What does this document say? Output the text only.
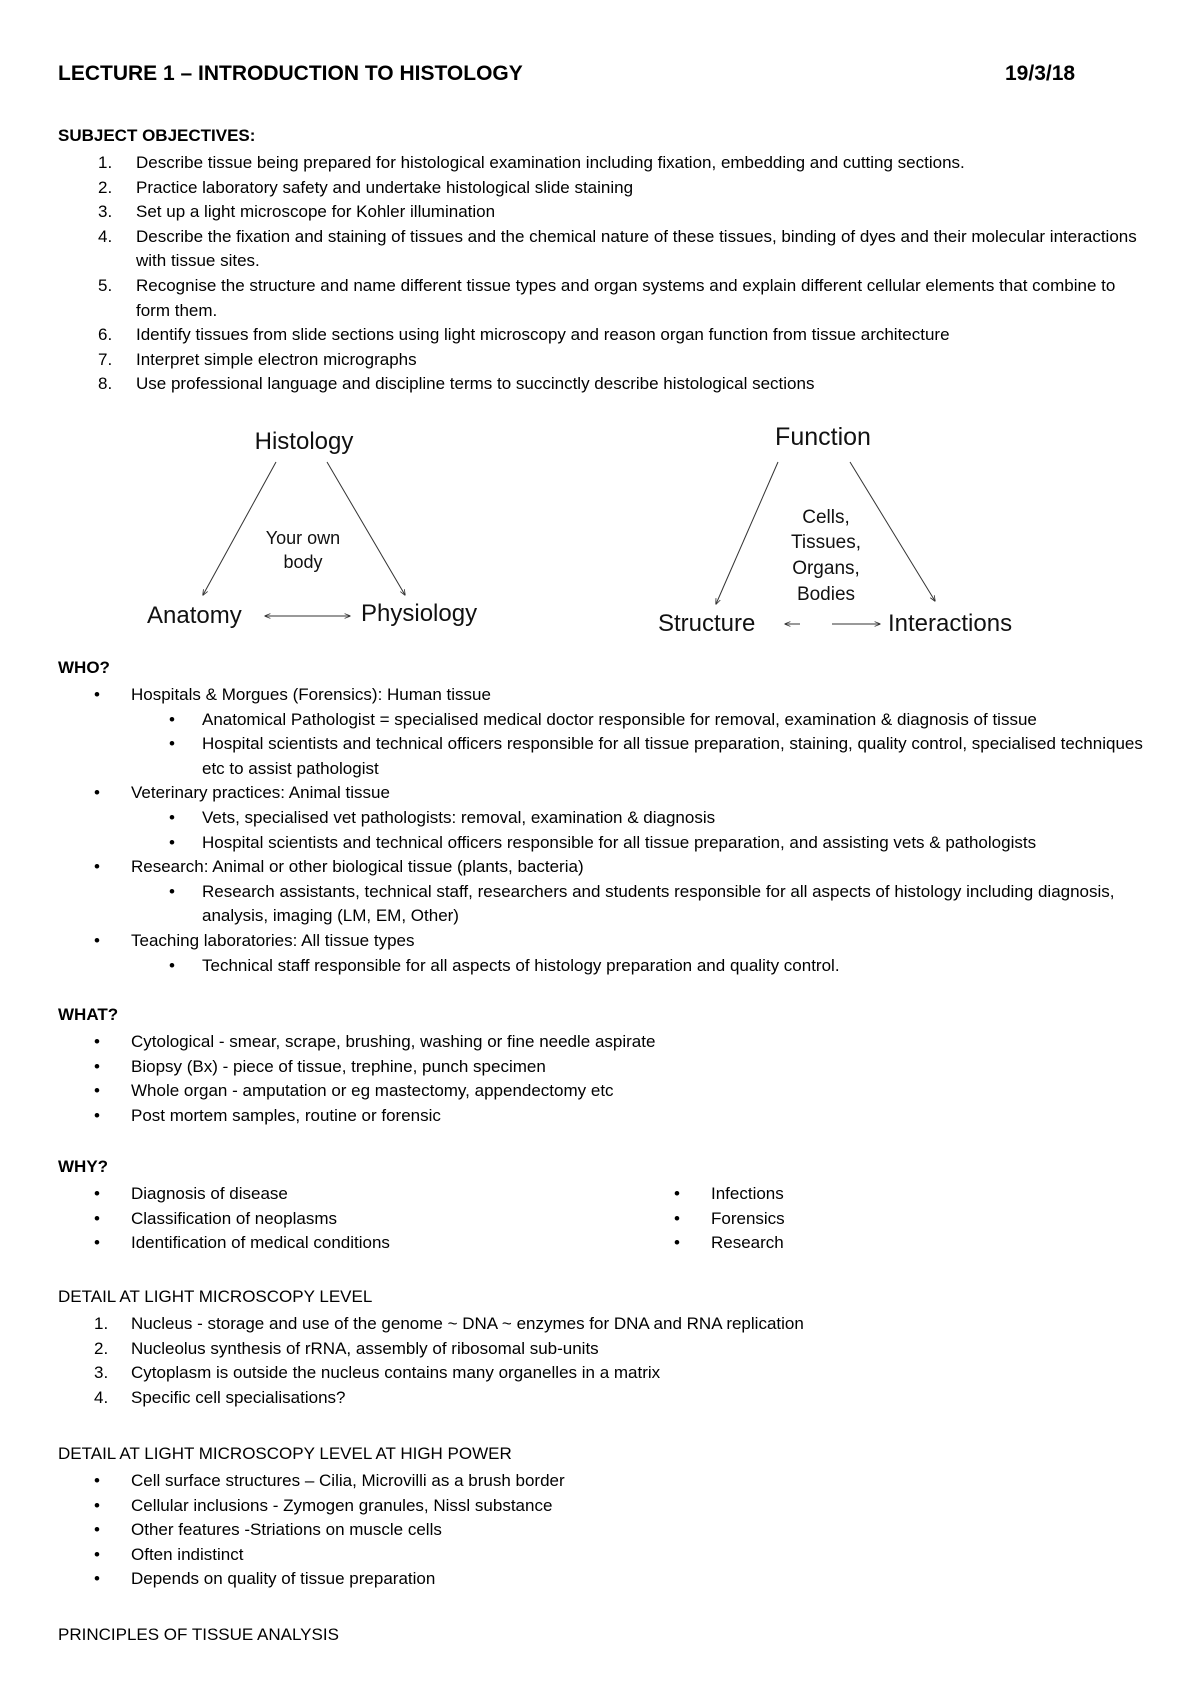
LECTURE 1 – INTRODUCTION TO HISTOLOGY	19/3/18
SUBJECT OBJECTIVES:
1. Describe tissue being prepared for histological examination including fixation, embedding and cutting sections.
2. Practice laboratory safety and undertake histological slide staining
3. Set up a light microscope for Kohler illumination
4. Describe the fixation and staining of tissues and the chemical nature of these tissues, binding of dyes and their molecular interactions with tissue sites.
5. Recognise the structure and name different tissue types and organ systems and explain different cellular elements that combine to form them.
6. Identify tissues from slide sections using light microscopy and reason organ function from tissue architecture
7. Interpret simple electron micrographs
8. Use professional language and discipline terms to succinctly describe histological sections
Histology
Your own
body
Anatomy	Physiology
Function
Cells,
Tissues,
Organs,
Bodies
Structure	Interactions
WHO?
• Hospitals & Morgues (Forensics): Human tissue
• Anatomical Pathologist = specialised medical doctor responsible for removal, examination & diagnosis of tissue
• Hospital scientists and technical officers responsible for all tissue preparation, staining, quality control, specialised techniques etc to assist pathologist
• Veterinary practices: Animal tissue
• Vets, specialised vet pathologists: removal, examination & diagnosis
• Hospital scientists and technical officers responsible for all tissue preparation, and assisting vets & pathologists
• Research: Animal or other biological tissue (plants, bacteria)
• Research assistants, technical staff, researchers and students responsible for all aspects of histology including diagnosis, analysis, imaging (LM, EM, Other)
• Teaching laboratories: All tissue types
• Technical staff responsible for all aspects of histology preparation and quality control.
WHAT?
• Cytological - smear, scrape, brushing, washing or fine needle aspirate
• Biopsy (Bx) - piece of tissue, trephine, punch specimen
• Whole organ - amputation or eg mastectomy, appendectomy etc
• Post mortem samples, routine or forensic
WHY?
• Diagnosis of disease
• Classification of neoplasms
• Identification of medical conditions
• Infections
• Forensics
• Research
DETAIL AT LIGHT MICROSCOPY LEVEL
1. Nucleus - storage and use of the genome ~ DNA ~ enzymes for DNA and RNA replication
2. Nucleolus synthesis of rRNA, assembly of ribosomal sub-units
3. Cytoplasm is outside the nucleus contains many organelles in a matrix
4. Specific cell specialisations?
DETAIL AT LIGHT MICROSCOPY LEVEL AT HIGH POWER
• Cell surface structures – Cilia, Microvilli as a brush border
• Cellular inclusions - Zymogen granules, Nissl substance
• Other features -Striations on muscle cells
• Often indistinct
• Depends on quality of tissue preparation
PRINCIPLES OF TISSUE ANALYSIS
